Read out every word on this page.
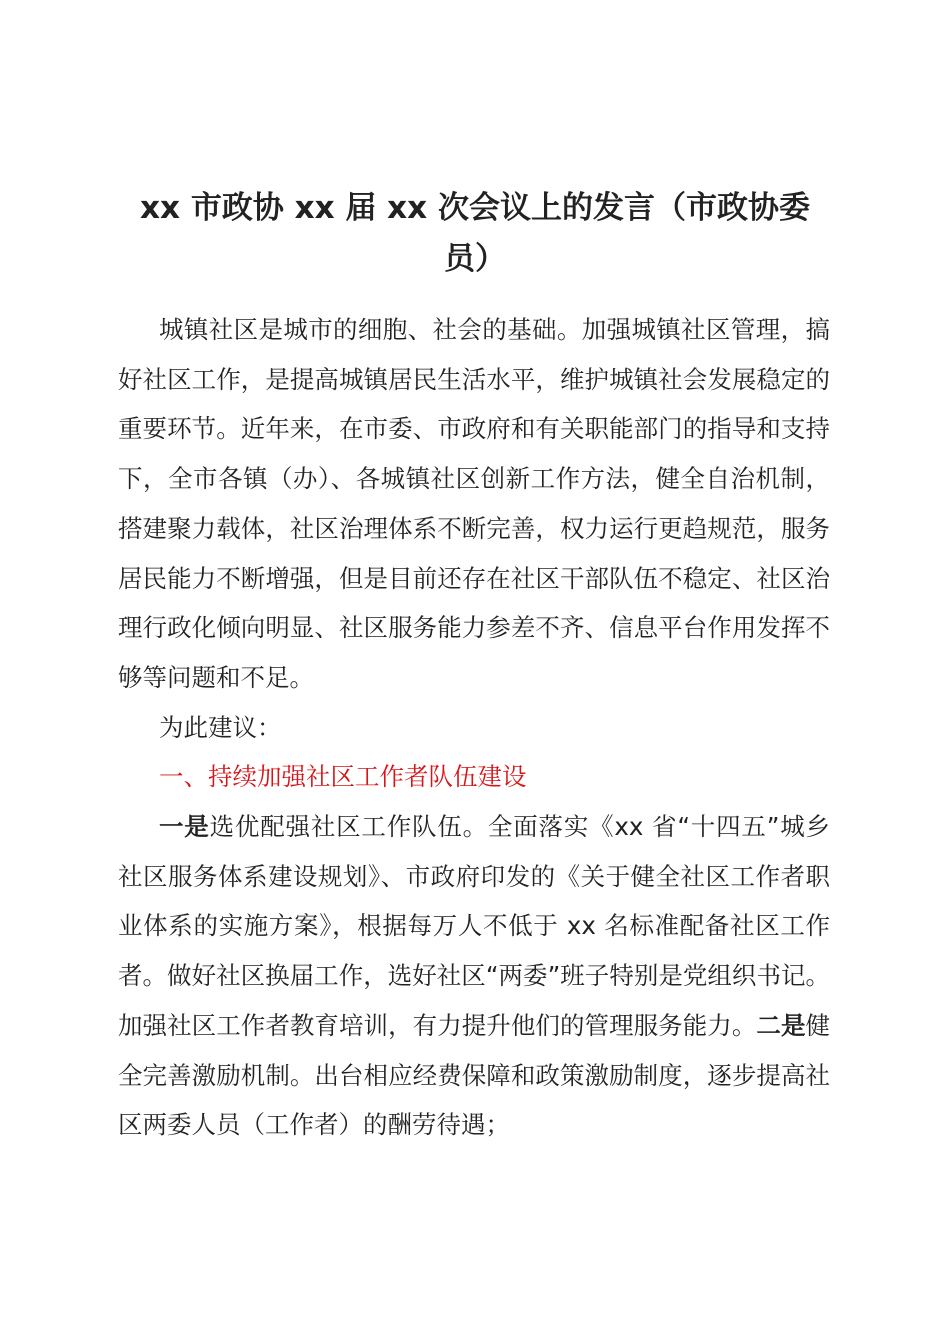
xx 市政协 xx 届 xx 次会议上的发言（市政协委员）

城镇社区是城市的细胞、社会的基础。加强城镇社区管理，搞好社区工作，是提高城镇居民生活水平，维护城镇社会发展稳定的重要环节。近年来，在市委、市政府和有关职能部门的指导和支持下，全市各镇（办）、各城镇社区创新工作方法，健全自治机制，搭建聚力载体，社区治理体系不断完善，权力运行更趋规范，服务居民能力不断增强，但是目前还存在社区干部队伍不稳定、社区治理行政化倾向明显、社区服务能力参差不齐、信息平台作用发挥不够等问题和不足。

为此建议：

一、持续加强社区工作者队伍建设

一是选优配强社区工作队伍。全面落实《xx 省“十四五”城乡社区服务体系建设规划》、市政府印发的《关于健全社区工作者职业体系的实施方案》，根据每万人不低于 xx 名标准配备社区工作者。做好社区换届工作，选好社区“两委”班子特别是党组织书记。加强社区工作者教育培训，有力提升他们的管理服务能力。二是健全完善激励机制。出台相应经费保障和政策激励制度，逐步提高社区两委人员（工作者）的酬劳待遇；
